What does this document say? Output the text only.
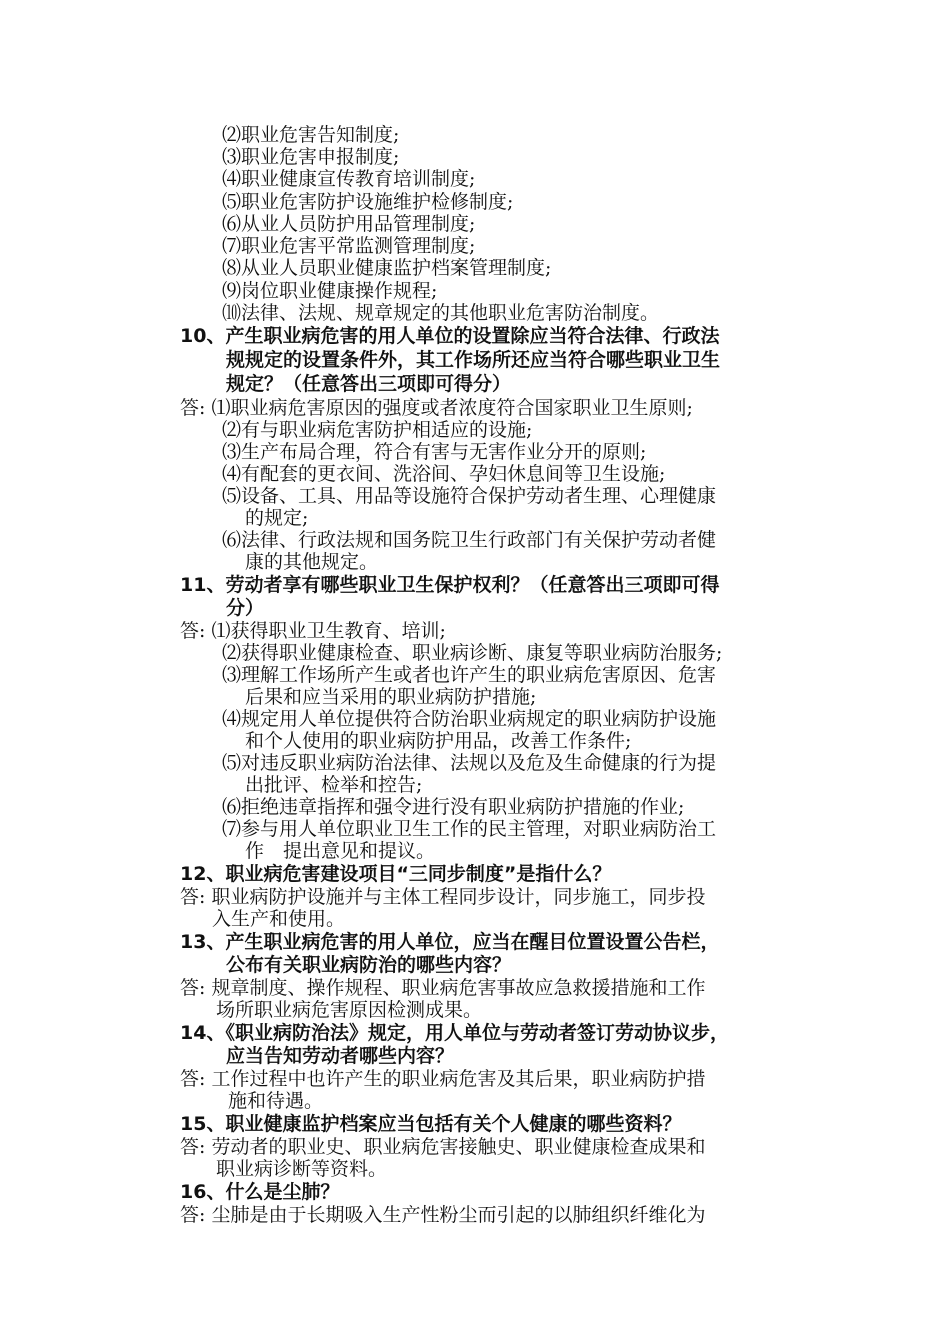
⑵职业危害告知制度;
⑶职业危害申报制度;
⑷职业健康宣传教育培训制度;
⑸职业危害防护设施维护检修制度;
⑹从业人员防护用品管理制度;
⑺职业危害平常监测管理制度;
⑻从业人员职业健康监护档案管理制度;
⑼岗位职业健康操作规程;
⑽法律、法规、规章规定的其他职业危害防治制度。
10、产生职业病危害的用人单位的设置除应当符合法律、行政法
规规定的设置条件外，其工作场所还应当符合哪些职业卫生
规定？（任意答出三项即可得分）
答: ⑴职业病危害原因的强度或者浓度符合国家职业卫生原则;
⑵有与职业病危害防护相适应的设施;
⑶生产布局合理，符合有害与无害作业分开的原则;
⑷有配套的更衣间、洗浴间、孕妇休息间等卫生设施;
⑸设备、工具、用品等设施符合保护劳动者生理、心理健康
的规定;
⑹法律、行政法规和国务院卫生行政部门有关保护劳动者健
康的其他规定。
11、劳动者享有哪些职业卫生保护权利？（任意答出三项即可得
分）
答: ⑴获得职业卫生教育、培训;
⑵获得职业健康检查、职业病诊断、康复等职业病防治服务;
⑶理解工作场所产生或者也许产生的职业病危害原因、危害
后果和应当采用的职业病防护措施;
⑷规定用人单位提供符合防治职业病规定的职业病防护设施
和个人使用的职业病防护用品，改善工作条件;
⑸对违反职业病防治法律、法规以及危及生命健康的行为提
出批评、检举和控告;
⑹拒绝违章指挥和强令进行没有职业病防护措施的作业;
⑺参与用人单位职业卫生工作的民主管理，对职业病防治工
作　提出意见和提议。
12、职业病危害建设项目“三同步制度”是指什么？
答: 职业病防护设施并与主体工程同步设计，同步施工，同步投
入生产和使用。
13、产生职业病危害的用人单位，应当在醒目位置设置公告栏，
公布有关职业病防治的哪些内容？
答: 规章制度、操作规程、职业病危害事故应急救援措施和工作
场所职业病危害原因检测成果。
14、《职业病防治法》规定，用人单位与劳动者签订劳动协议步，
应当告知劳动者哪些内容？
答: 工作过程中也许产生的职业病危害及其后果，职业病防护措
施和待遇。
15、职业健康监护档案应当包括有关个人健康的哪些资料？
答: 劳动者的职业史、职业病危害接触史、职业健康检查成果和
职业病诊断等资料。
16、什么是尘肺？
答: 尘肺是由于长期吸入生产性粉尘而引起的以肺组织纤维化为
